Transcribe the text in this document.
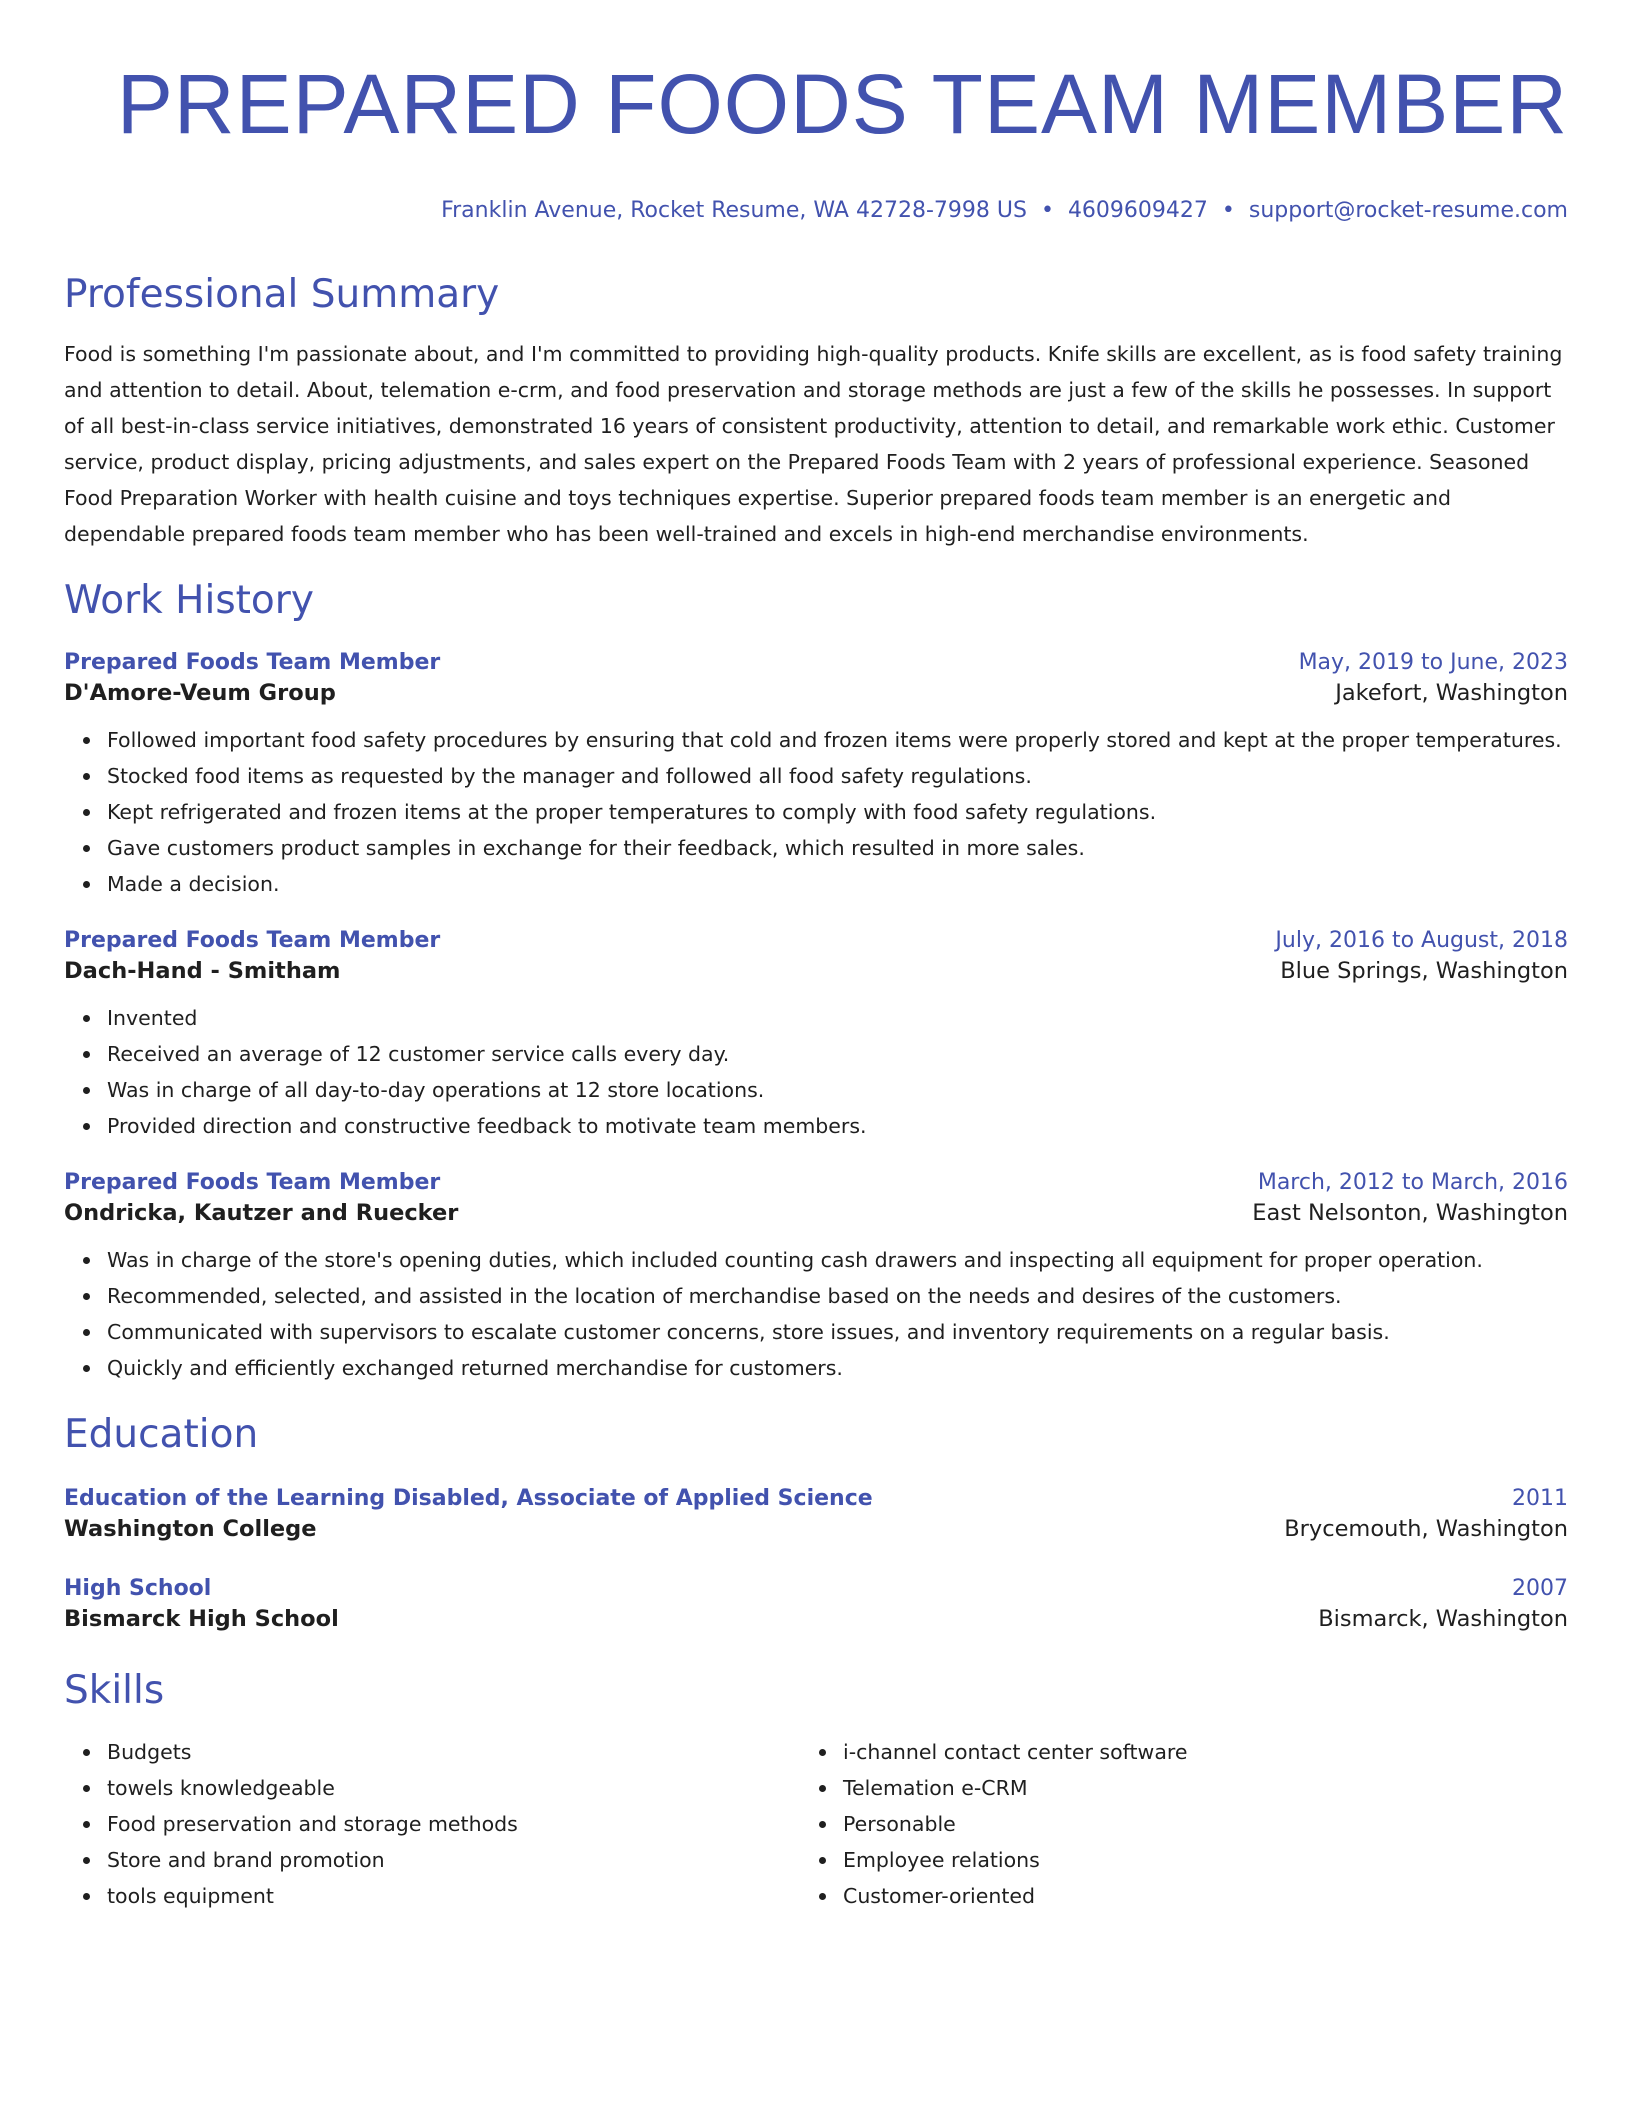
PREPARED FOODS TEAM MEMBER
Franklin Avenue, Rocket Resume, WA 42728-7998 US • 4609609427 • support@rocket-resume.com
Professional Summary
Food is something I'm passionate about, and I'm committed to providing high-quality products. Knife skills are excellent, as is food safety training and attention to detail. About, telemation e-crm, and food preservation and storage methods are just a few of the skills he possesses. In support of all best-in-class service initiatives, demonstrated 16 years of consistent productivity, attention to detail, and remarkable work ethic. Customer service, product display, pricing adjustments, and sales expert on the Prepared Foods Team with 2 years of professional experience. Seasoned Food Preparation Worker with health cuisine and toys techniques expertise. Superior prepared foods team member is an energetic and dependable prepared foods team member who has been well-trained and excels in high-end merchandise environments.
Work History
Prepared Foods Team Member	May, 2019 to June, 2023
D'Amore-Veum Group	Jakefort, Washington
Followed important food safety procedures by ensuring that cold and frozen items were properly stored and kept at the proper temperatures.
Stocked food items as requested by the manager and followed all food safety regulations.
Kept refrigerated and frozen items at the proper temperatures to comply with food safety regulations.
Gave customers product samples in exchange for their feedback, which resulted in more sales.
Made a decision.
Prepared Foods Team Member	July, 2016 to August, 2018
Dach-Hand - Smitham	Blue Springs, Washington
Invented
Received an average of 12 customer service calls every day.
Was in charge of all day-to-day operations at 12 store locations.
Provided direction and constructive feedback to motivate team members.
Prepared Foods Team Member	March, 2012 to March, 2016
Ondricka, Kautzer and Ruecker	East Nelsonton, Washington
Was in charge of the store's opening duties, which included counting cash drawers and inspecting all equipment for proper operation.
Recommended, selected, and assisted in the location of merchandise based on the needs and desires of the customers.
Communicated with supervisors to escalate customer concerns, store issues, and inventory requirements on a regular basis.
Quickly and efficiently exchanged returned merchandise for customers.
Education
Education of the Learning Disabled, Associate of Applied Science	2011
Washington College	Brycemouth, Washington
High School	2007
Bismarck High School	Bismarck, Washington
Skills
Budgets
towels knowledgeable
Food preservation and storage methods
Store and brand promotion
tools equipment
i-channel contact center software
Telemation e-CRM
Personable
Employee relations
Customer-oriented
